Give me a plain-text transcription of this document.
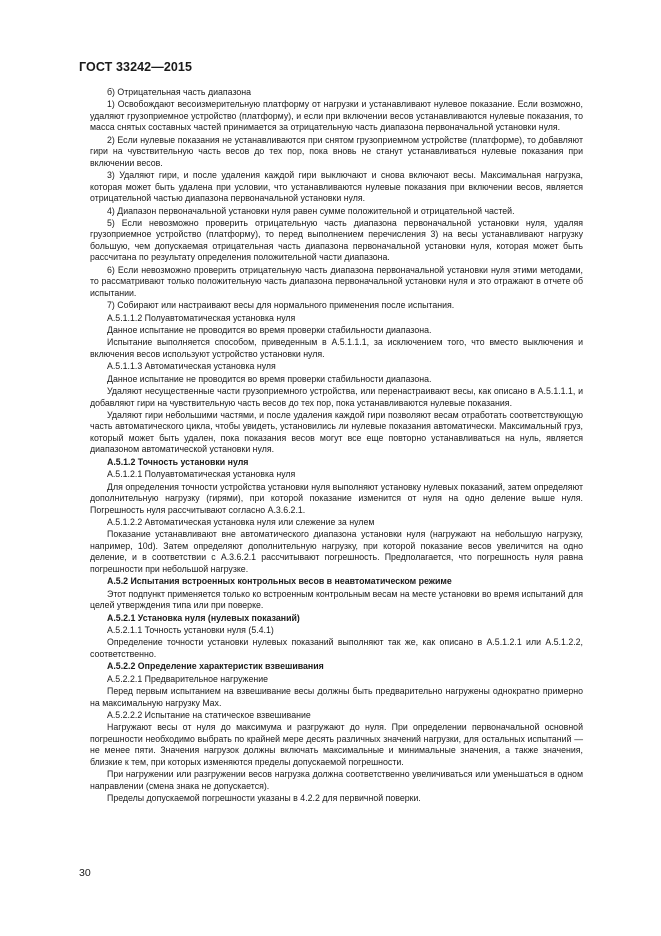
ГОСТ 33242—2015

б) Отрицательная часть диапазона

1) Освобождают весоизмерительную платформу от нагрузки и устанавливают нулевое показание. Если возможно, удаляют грузоприемное устройство (платформу), и если при включении весов устанавливаются нулевые показания, то масса снятых составных частей принимается за отрицательную часть диапазона первоначальной установки нуля.

2) Если нулевые показания не устанавливаются при снятом грузоприемном устройстве (платформе), то добавляют гири на чувствительную часть весов до тех пор, пока вновь не станут устанавливаться нулевые показания при включении весов.

3) Удаляют гири, и после удаления каждой гири выключают и снова включают весы. Максимальная нагрузка, которая может быть удалена при условии, что устанавливаются нулевые показания при включении весов, является отрицательной частью диапазона первоначальной установки нуля.

4) Диапазон первоначальной установки нуля равен сумме положительной и отрицательной частей.

5) Если невозможно проверить отрицательную часть диапазона первоначальной установки нуля, удаляя грузоприемное устройство (платформу), то перед выполнением перечисления 3) на весы устанавливают нагрузку большую, чем допускаемая отрицательная часть диапазона первоначальной установки нуля, которая может быть рассчитана по результату определения положительной части диапазона.

6) Если невозможно проверить отрицательную часть диапазона первоначальной установки нуля этими методами, то рассматривают только положительную часть диапазона первоначальной установки нуля и это отражают в отчете об испытании.

7) Собирают или настраивают весы для нормального применения после испытания.

А.5.1.1.2 Полуавтоматическая установка нуля

Данное испытание не проводится во время проверки стабильности диапазона.

Испытание выполняется способом, приведенным в А.5.1.1.1, за исключением того, что вместо выключения и включения весов используют устройство установки нуля.

А.5.1.1.3 Автоматическая установка нуля

Данное испытание не проводится во время проверки стабильности диапазона.

Удаляют несущественные части грузоприемного устройства, или перенастраивают весы, как описано в А.5.1.1.1, и добавляют гири на чувствительную часть весов до тех пор, пока устанавливаются нулевые показания.

Удаляют гири небольшими частями, и после удаления каждой гири позволяют весам отработать соответствующую часть автоматического цикла, чтобы увидеть, установились ли нулевые показания автоматически. Максимальный груз, который может быть удален, пока показания весов могут все еще повторно устанавливаться на нуль, является диапазоном автоматической установки нуля.

А.5.1.2 Точность установки нуля

А.5.1.2.1 Полуавтоматическая установка нуля

Для определения точности устройства установки нуля выполняют установку нулевых показаний, затем определяют дополнительную нагрузку (гирями), при которой показание изменится от нуля на одно деление выше нуля. Погрешность нуля рассчитывают согласно А.3.6.2.1.

А.5.1.2.2 Автоматическая установка нуля или слежение за нулем

Показание устанавливают вне автоматического диапазона установки нуля (нагружают на небольшую нагрузку, например, 10d). Затем определяют дополнительную нагрузку, при которой показание весов увеличится на одно деление, и в соответствии с А.3.6.2.1 рассчитывают погрешность. Предполагается, что погрешность нуля равна погрешности при небольшой нагрузке.

А.5.2 Испытания встроенных контрольных весов в неавтоматическом режиме

Этот подпункт применяется только ко встроенным контрольным весам на месте установки во время испытаний для целей утверждения типа или при поверке.

А.5.2.1 Установка нуля (нулевых показаний)

А.5.2.1.1 Точность установки нуля (5.4.1)

Определение точности установки нулевых показаний выполняют так же, как описано в А.5.1.2.1 или А.5.1.2.2, соответственно.

А.5.2.2 Определение характеристик взвешивания

А.5.2.2.1 Предварительное нагружение

Перед первым испытанием на взвешивание весы должны быть предварительно нагружены однократно примерно на максимальную нагрузку Max.

А.5.2.2.2 Испытание на статическое взвешивание

Нагружают весы от нуля до максимума и разгружают до нуля. При определении первоначальной основной погрешности необходимо выбрать по крайней мере десять различных значений нагрузки, для остальных испытаний — не менее пяти. Значения нагрузок должны включать максимальные и минимальные значения, а также значения, близкие к тем, при которых изменяются пределы допускаемой погрешности.

При нагружении или разгружении весов нагрузка должна соответственно увеличиваться или уменьшаться в одном направлении (смена знака не допускается).

Пределы допускаемой погрешности указаны в 4.2.2 для первичной поверки.

30
